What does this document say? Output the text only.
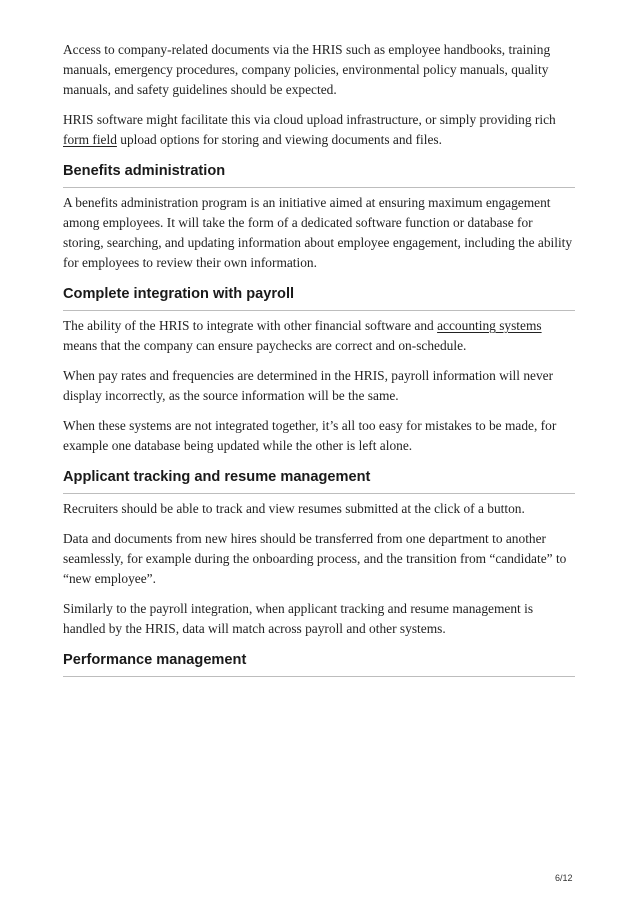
Access to company-related documents via the HRIS such as employee handbooks, training manuals, emergency procedures, company policies, environmental policy manuals, quality manuals, and safety guidelines should be expected.

HRIS software might facilitate this via cloud upload infrastructure, or simply providing rich form field upload options for storing and viewing documents and files.

Benefits administration

A benefits administration program is an initiative aimed at ensuring maximum engagement among employees. It will take the form of a dedicated software function or database for storing, searching, and updating information about employee engagement, including the ability for employees to review their own information.

Complete integration with payroll

The ability of the HRIS to integrate with other financial software and accounting systems means that the company can ensure paychecks are correct and on-schedule.

When pay rates and frequencies are determined in the HRIS, payroll information will never display incorrectly, as the source information will be the same.

When these systems are not integrated together, it’s all too easy for mistakes to be made, for example one database being updated while the other is left alone.

Applicant tracking and resume management

Recruiters should be able to track and view resumes submitted at the click of a button.

Data and documents from new hires should be transferred from one department to another seamlessly, for example during the onboarding process, and the transition from “candidate” to “new employee”.

Similarly to the payroll integration, when applicant tracking and resume management is handled by the HRIS, data will match across payroll and other systems.

Performance management
6/12
